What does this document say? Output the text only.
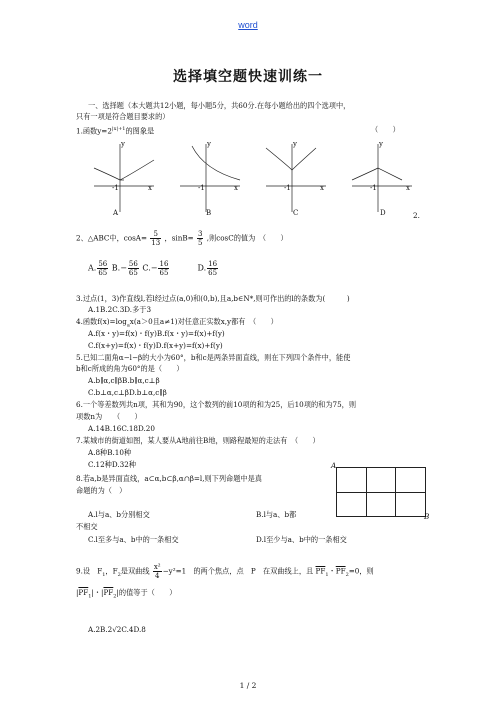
word
选择填空题快速训练一
一、选择题（本大题共12小题，每小题5分，共60分.在每小题给出的四个选项中，
只有一项是符合题目要求的）
1.函数$y=2^{|x|+1}$的图象是	（　　）
y	y	y	y
x	x	x	x
-1	-1	-1	-1
A	B	C	D	2.
2、△ABC中，$\cos A= \frac{5}{13}$ ，$\sin B= \frac{3}{5}$ ,则cosC的值为　（　　）
A. $\frac{56}{65} B.- \frac{56}{65} C.- \frac{16}{65}$	D. $\frac{16}{65}$
3.过点(1，3)作直线l,若l经过点(a,0)和(0,b),且a,b∈N*,则可作出的l的条数为(　　　)
A.1B.2C.3D.多于3
4.函数$f(x)=\log_ax(a>0$且a≠1)对任意正实数x,y都有　（　　）
A.f(x・y)=f(x)・f(y)B.f(x・y)=f(x)+f(y)
C.f(x+y)=f(x)・f(y)D.f(x+y)=f(x)+f(y)
5.已知二面角α−l−β的大小为60°，b和c是两条异面直线，则在下列四个条件中，能使
b和c所成的角为60°的是（　　）
A.b∥α,c∥βB.b∥α,c⊥β
C.b⊥α,c⊥βD.b⊥α,c∥β
6.一个等差数列共n项，其和为90，这个数列的前10项的和为25，后10项的和为75，则
项数n为　　（　　）
A.14B.16C.18D.20
7.某城市的街道如图，某人要从A地前往B地，则路程最短的走法有　（　　）
A.8种B.10种
C.12种D.32种	A
B
8.若a,b是异面直线，a⊂α,b⊂β,α∩β=l,则下列命题中是真
命题的为（　）
A.l与a、b分别相交	B.l与a、b都
不相交
C.l至多与a、b中的一条相交	D.l至少与a、b中的一条相交
9.设　$F_1$，$F_2$是双曲线 $\frac{\text{x²}}{4} -y^2=1$　的两个焦点，点　P　在双曲线上，且 $\overline{PF}_1$・$\overline{PF}_2=0$，则
$|\overline{PF}_1|$・$|\overline{PF}_2|$的值等于（　　）
A.2B.2√2C.4D.8
1 / 2
